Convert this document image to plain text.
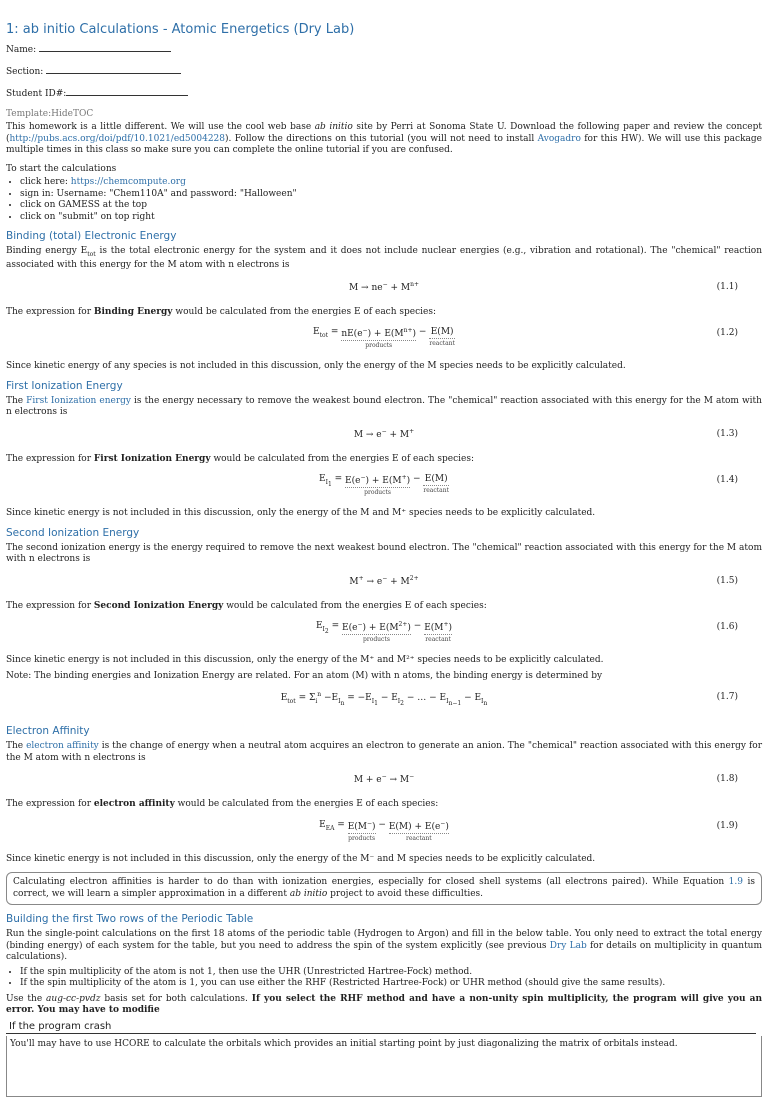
1: ab initio Calculations - Atomic Energetics (Dry Lab)
Name:
Section:
Student ID#:
Template:HideTOC

This homework is a little different. We will use the cool web base ab initio site by Perri at Sonoma State U. Download the following paper and review the concept (http://pubs.acs.org/doi/pdf/10.1021/ed5004228). Follow the directions on this tutorial (you will not need to install Avogadro for this HW). We will use this package multiple times in this class so make sure you can complete the online tutorial if you are confused.

To start the calculations

• click here: https://chemcompute.org
• sign in: Username: "Chem110A" and password: "Halloween"
• click on GAMESS at the top
• click on "submit" on top right
Binding (total) Electronic Energy

Binding energy $E_{tot}$ is the total electronic energy for the system and it does not include nuclear energies (e.g., vibration and rotational). The "chemical" reaction associated with this energy for the M atom with n electrons is

$M \to ne^- + M^{n+}$	(1.1)

The expression for Binding Energy would be calculated from the energies E of each species:

$E_{tot} = nE(e^-) + E(M^{n+})$
products
− E(M)
reactant
(1.2)

Since kinetic energy of any species is not included in this discussion, only the energy of the M species needs to be explicitly calculated.

First Ionization Energy

The First Ionization energy is the energy necessary to remove the weakest bound electron. The "chemical" reaction associated with this energy for the M atom with n electrons is

M → e− + M+	(1.3)

The expression for First Ionization Energy would be calculated from the energies E of each species:

$E_{I_1} = E(e^-) + E(M^+)$
products
− E(M)
reactant
(1.4)

Since kinetic energy is not included in this discussion, only the energy of the M and M⁺ species needs to be explicitly calculated.

Second Ionization Energy

The second ionization energy is the energy required to remove the next weakest bound electron. The "chemical" reaction associated with this energy for the M atom with n electrons is

$M^+ \to e^- + M^{2+}$	(1.5)

The expression for Second Ionization Energy would be calculated from the energies E of each species:

$E_{I_2} = E(e^-) + E(M^{2+})$
products
− E(M+)
reactant
(1.6)

Since kinetic energy is not included in this discussion, only the energy of the M⁺ and M²⁺ species needs to be explicitly calculated.

Note: The binding energies and Ionization Energy are related. For an atom (M) with n atoms, the binding energy is determined by

$E_{tot} = \Sigma_i^n -E_{I_n} = -E_{I_1} - E_{I_2}$ − … − $E_{I_{n-1}} - E_{I_n}$
(1.7)
Electron Affinity

The electron affinity is the change of energy when a neutral atom acquires an electron to generate an anion. The "chemical" reaction associated with this energy for the M atom with n electrons is

M + e− → M−	(1.8)

The expression for electron affinity would be calculated from the energies E of each species:

$E_{EA} = E(M^-)$
products
− E(M) + E(e−)
reactant
(1.9)

Since kinetic energy is not included in this discussion, only the energy of the M⁻ and M species needs to be explicitly calculated.

Calculating electron affinities is harder to do than with ionization energies, especially for closed shell systems (all electrons paired). While Equation 1.9 is correct, we will learn a simpler approximation in a different ab initio project to avoid these difficulties.
Building the first Two rows of the Periodic Table

Run the single-point calculations on the first 18 atoms of the periodic table (Hydrogen to Argon) and fill in the below table. You only need to extract the total energy (binding energy) of each system for the table, but you need to address the spin of the system explicitly (see previous Dry Lab for details on multiplicity in quantum calculations).

• If the spin multiplicity of the atom is not 1, then use the UHR (Unrestricted Hartree-Fock) method.
• If the spin multiplicity of the atom is 1, you can use either the RHF (Restricted Hartree-Fock) or UHR method (should give the same results).

Use the aug-cc-pvdz basis set for both calculations. If you select the RHF method and have a non-unity spin multiplicity, the program will give you an error. You may have to modifie

If the program crash
You'll may have to use HCORE to calculate the orbitals which provides an initial starting point by just diagonalizing the matrix of orbitals instead.
